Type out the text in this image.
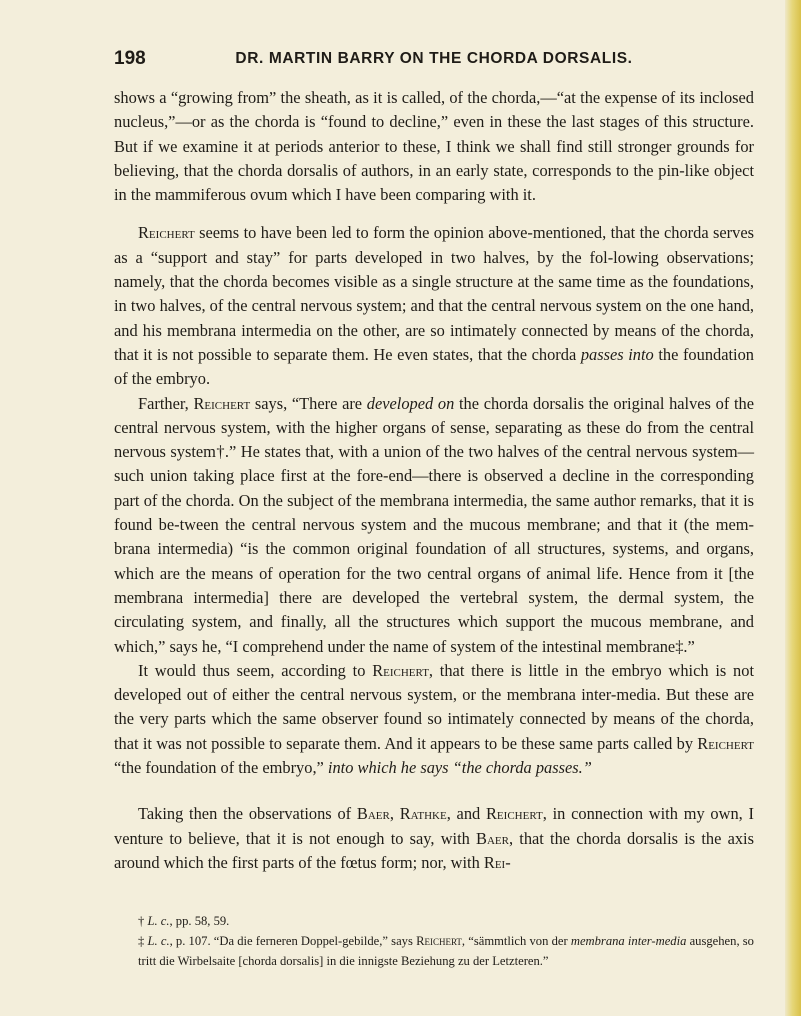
198	DR. MARTIN BARRY ON THE CHORDA DORSALIS.

shows a “growing from” the sheath, as it is called, of the chorda,—“at the expense of its inclosed nucleus,”—or as the chorda is “found to decline,” even in these the last stages of this structure. But if we examine it at periods anterior to these, I think we shall find still stronger grounds for believing, that the chorda dorsalis of authors, in an early state, corresponds to the pin-like object in the mammiferous ovum which I have been comparing with it.

Reichert seems to have been led to form the opinion above-mentioned, that the chorda serves as a “support and stay” for parts developed in two halves, by the fol-lowing observations; namely, that the chorda becomes visible as a single structure at the same time as the foundations, in two halves, of the central nervous system; and that the central nervous system on the one hand, and his membrana intermedia on the other, are so intimately connected by means of the chorda, that it is not possible to separate them. He even states, that the chorda passes into the foundation of the embryo.

Farther, Reichert says, “There are developed on the chorda dorsalis the original halves of the central nervous system, with the higher organs of sense, separating as these do from the central nervous system†.” He states that, with a union of the two halves of the central nervous system—such union taking place first at the fore-end—there is observed a decline in the corresponding part of the chorda. On the subject of the membrana intermedia, the same author remarks, that it is found be-tween the central nervous system and the mucous membrane; and that it (the mem-brana intermedia) “is the common original foundation of all structures, systems, and organs, which are the means of operation for the two central organs of animal life. Hence from it [the membrana intermedia] there are developed the vertebral system, the dermal system, the circulating system, and finally, all the structures which support the mucous membrane, and which,” says he, “I comprehend under the name of system of the intestinal membrane‡.”

It would thus seem, according to Reichert, that there is little in the embryo which is not developed out of either the central nervous system, or the membrana inter-media. But these are the very parts which the same observer found so intimately connected by means of the chorda, that it was not possible to separate them. And it appears to be these same parts called by Reichert “the foundation of the embryo,” into which he says “the chorda passes.”

Taking then the observations of Baer, Rathke, and Reichert, in connection with my own, I venture to believe, that it is not enough to say, with Baer, that the chorda dorsalis is the axis around which the first parts of the fœtus form; nor, with Rei-

† L. c., pp. 58, 59.

‡ L. c., p. 107. “Da die ferneren Doppel-gebilde,” says Reichert, “sämmtlich von der membrana inter-media ausgehen, so tritt die Wirbelsaite [chorda dorsalis] in die innigste Beziehung zu der Letzteren.”
